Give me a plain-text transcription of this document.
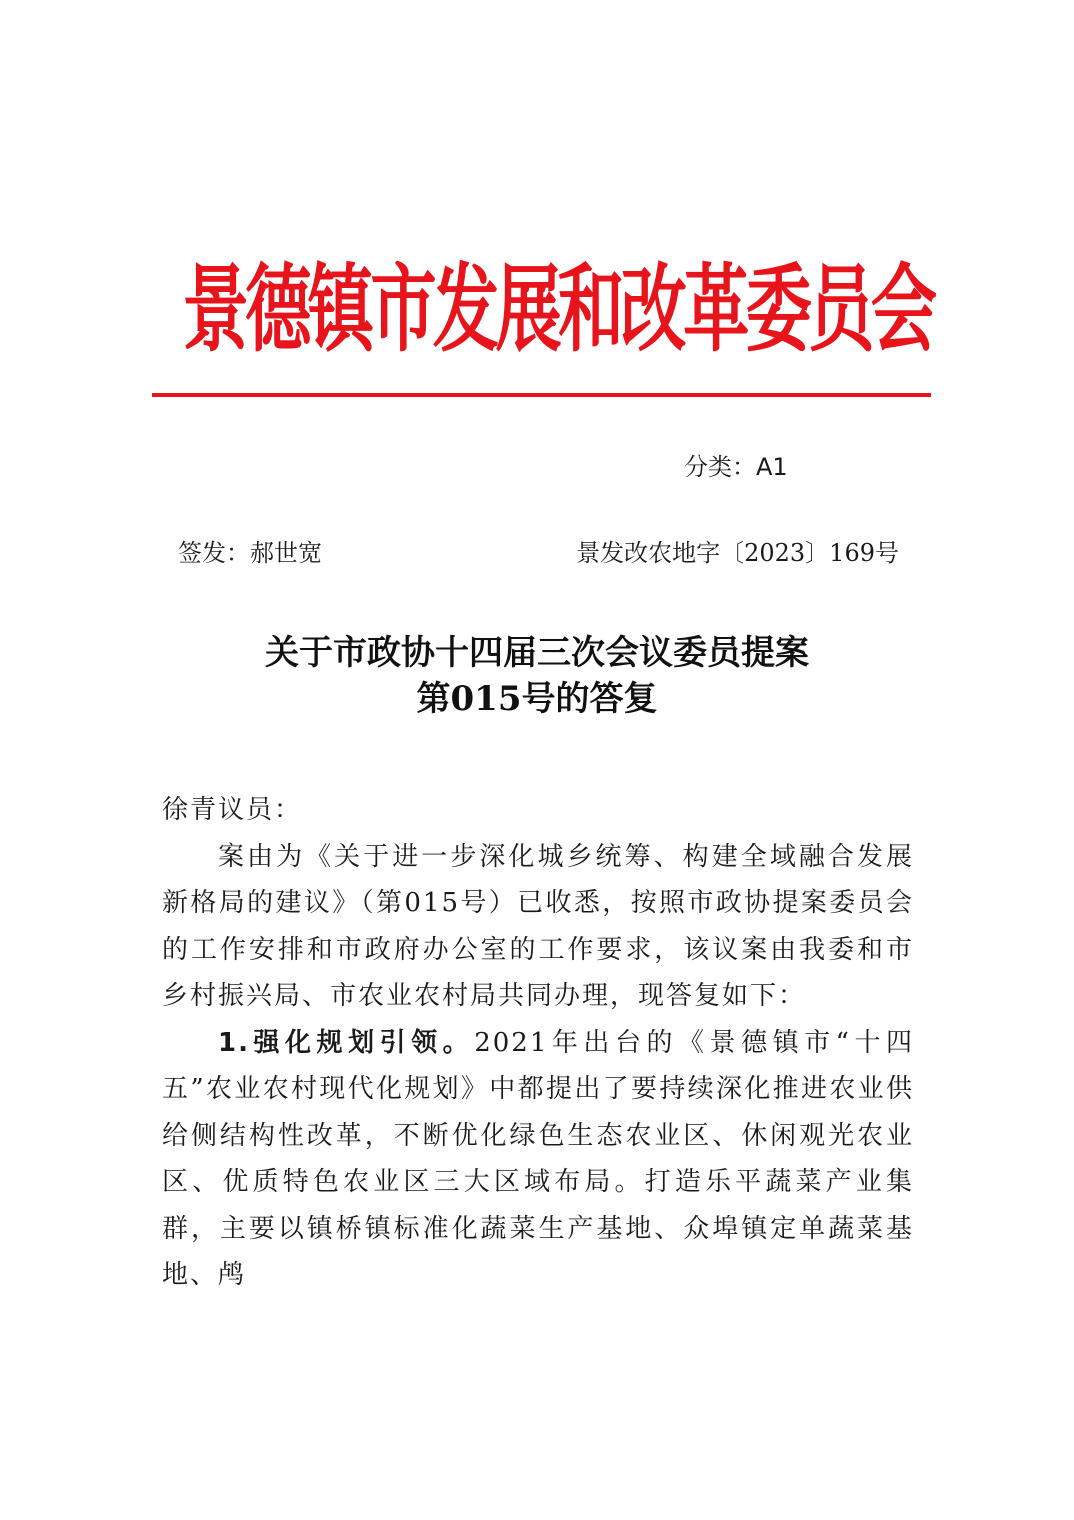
景德镇市发展和改革委员会
分类：A1
签发：郝世宽	景发改农地字〔2023〕169号
关于市政协十四届三次会议委员提案
第015号的答复

徐青议员：

案由为《关于进一步深化城乡统筹、构建全域融合发展新格局的建议》（第015号）已收悉，按照市政协提案委员会的工作安排和市政府办公室的工作要求，该议案由我委和市乡村振兴局、市农业农村局共同办理，现答复如下：

1.强化规划引领。2021年出台的《景德镇市“十四五”农业农村现代化规划》中都提出了要持续深化推进农业供给侧结构性改革，不断优化绿色生态农业区、休闲观光农业区、优质特色农业区三大区域布局。打造乐平蔬菜产业集群，主要以镇桥镇标准化蔬菜生产基地、众埠镇定单蔬菜基地、鸬
